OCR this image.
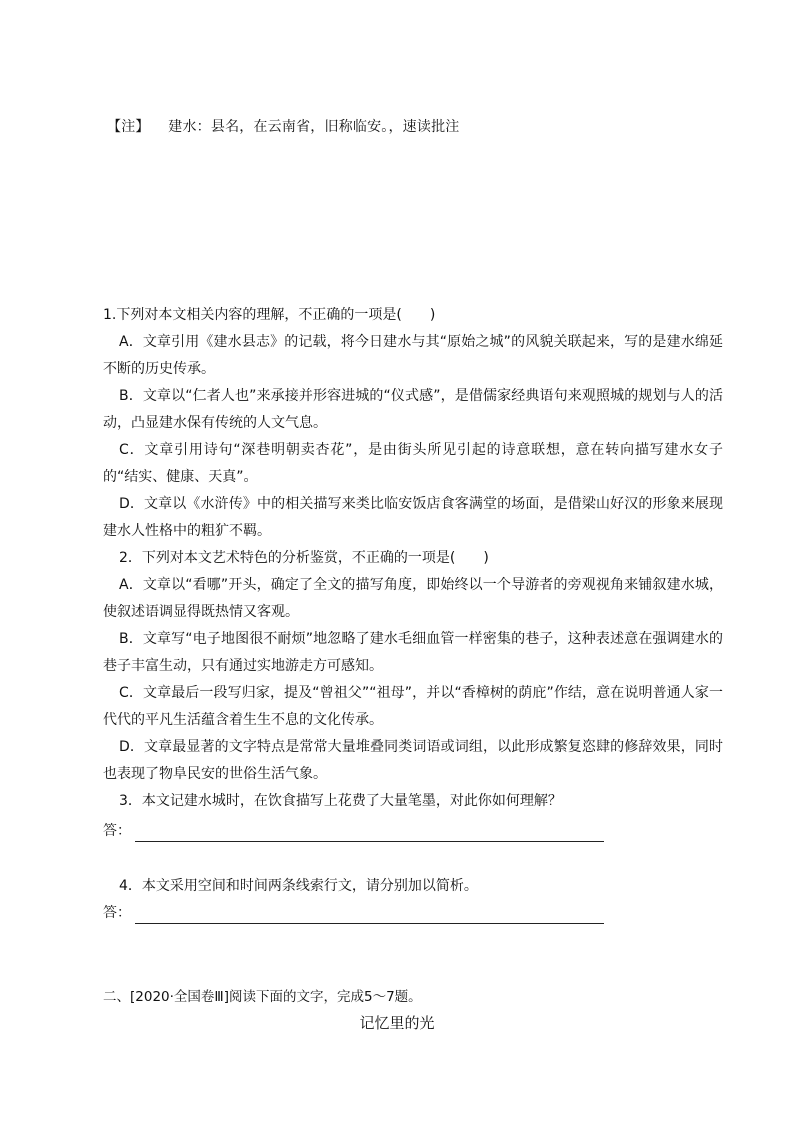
【注】 建水：县名，在云南省，旧称临安。，速读批注
1.下列对本文相关内容的理解，不正确的一项是(　　)
A．文章引用《建水县志》的记载，将今日建水与其“原始之城”的风貌关联起来，写的是建水绵延不断的历史传承。
B．文章以“仁者人也”来承接并形容进城的“仪式感”，是借儒家经典语句来观照城的规划与人的活动，凸显建水保有传统的人文气息。
C．文章引用诗句“深巷明朝卖杏花”，是由街头所见引起的诗意联想，意在转向描写建水女子的“结实、健康、天真”。
D．文章以《水浒传》中的相关描写来类比临安饭店食客满堂的场面，是借梁山好汉的形象来展现建水人性格中的粗犷不羁。
2．下列对本文艺术特色的分析鉴赏，不正确的一项是(　　)
A．文章以“看哪”开头，确定了全文的描写角度，即始终以一个导游者的旁观视角来铺叙建水城，使叙述语调显得既热情又客观。
B．文章写“电子地图很不耐烦”地忽略了建水毛细血管一样密集的巷子，这种表述意在强调建水的巷子丰富生动，只有通过实地游走方可感知。
C．文章最后一段写归家，提及“曾祖父”“祖母”，并以“香樟树的荫庇”作结，意在说明普通人家一代代的平凡生活蕴含着生生不息的文化传承。
D．文章最显著的文字特点是常常大量堆叠同类词语或词组，以此形成繁复恣肆的修辞效果，同时也表现了物阜民安的世俗生活气象。
3．本文记建水城时，在饮食描写上花费了大量笔墨，对此你如何理解？
答：
4．本文采用空间和时间两条线索行文，请分别加以简析。
答：
二、[2020·全国卷Ⅲ]阅读下面的文字，完成5～7题。
记忆里的光
